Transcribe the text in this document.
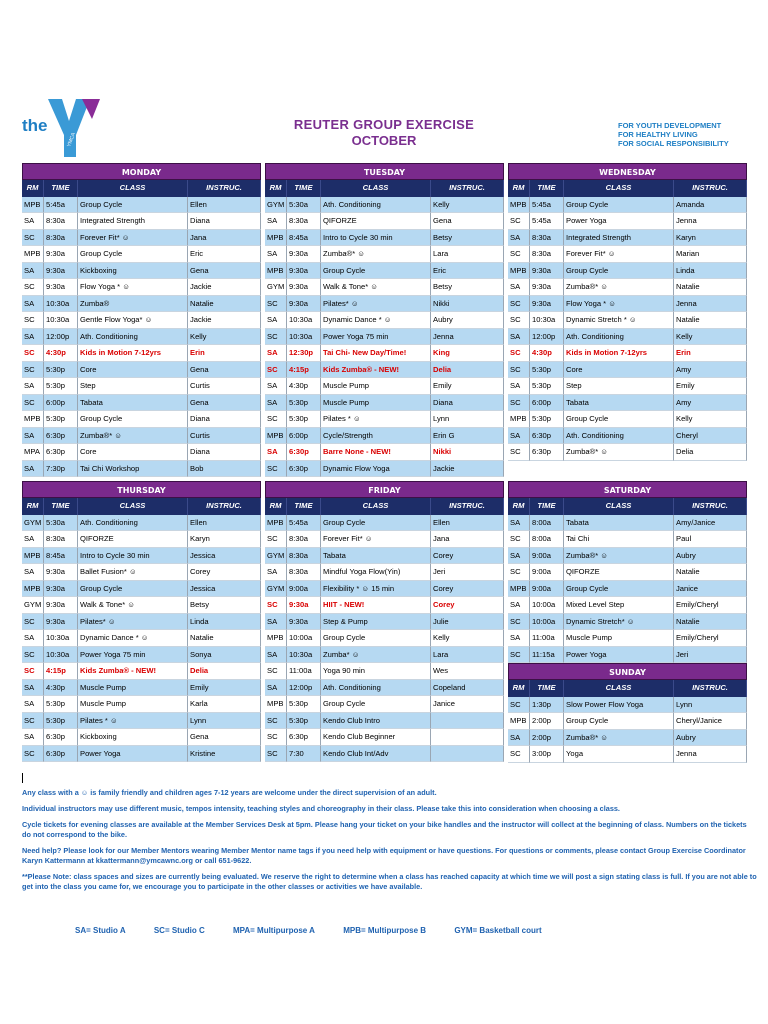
the
YMCA
REUTER GROUP EXERCISE
OCTOBER
FOR YOUTH DEVELOPMENT
FOR HEALTHY LIVING
FOR SOCIAL RESPONSIBILITY
MONDAY
RM	TIME	CLASS	INSTRUC.
MPB 5:45a	Group Cycle	Ellen
SA	8:30a	Integrated Strength	Diana
SC	8:30a	Forever Fit* ☺	Jana
MPB 9:30a	Group Cycle	Eric
SA	9:30a	Kickboxing	Gena
SC	9:30a	Flow Yoga * ☺	Jackie
SA	10:30a	Zumba®	Natalie
SC	10:30a	Gentle Flow Yoga* ☺	Jackie
SA	12:00p	Ath. Conditioning	Kelly
SC	4:30p	Kids in Motion 7-12yrs	Erin
SC	5:30p	Core	Gena
SA	5:30p	Step	Curtis
SC	6:00p	Tabata	Gena
MPB 5:30p	Group Cycle	Diana
SA	6:30p	Zumba®* ☺	Curtis
MPA 6:30p	Core	Diana
SA	7:30p	Tai Chi Workshop	Bob
TUESDAY
RM	TIME	CLASS	INSTRUC.
GYM 5:30a	Ath. Conditioning	Kelly
SA	8:30a	QIFORZE	Gena
MPB 8:45a	Intro to Cycle 30 min	Betsy
SA	9:30a	Zumba®* ☺	Lara
MPB 9:30a	Group Cycle	Eric
GYM 9:30a	Walk & Tone* ☺	Betsy
SC	9:30a	Pilates* ☺	Nikki
SA	10:30a	Dynamic Dance * ☺	Aubry
SC	10:30a	Power Yoga 75 min	Jenna
SA	12:30p	Tai Chi- New Day/Time!	King
SC	4:15p	Kids Zumba® - NEW!	Delia
SA	4:30p	Muscle Pump	Emily
SA	5:30p	Muscle Pump	Diana
SC	5:30p	Pilates * ☺	Lynn
MPB 6:00p	Cycle/Strength	Erin G
SA	6:30p	Barre None - NEW!	Nikki
SC	6:30p	Dynamic Flow Yoga	Jackie
WEDNESDAY
RM	TIME	CLASS	INSTRUC.
MPB 5:45a	Group Cycle	Amanda
SC	5:45a	Power Yoga	Jenna
SA	8:30a	Integrated Strength	Karyn
SC	8:30a	Forever Fit* ☺	Marian
MPB 9:30a	Group Cycle	Linda
SA	9:30a	Zumba®* ☺	Natalie
SC	9:30a	Flow Yoga * ☺	Jenna
SC	10:30a	Dynamic Stretch * ☺	Natalie
SA	12:00p	Ath. Conditioning	Kelly
SC	4:30p	Kids in Motion 7-12yrs	Erin
SC	5:30p	Core	Amy
SA	5:30p	Step	Emily
SC	6:00p	Tabata	Amy
MPB 5:30p	Group Cycle	Kelly
SA	6:30p	Ath. Conditioning	Cheryl
SC	6:30p	Zumba®* ☺	Delia
THURSDAY
RM	TIME	CLASS	INSTRUC.
GYM 5:30a	Ath. Conditioning	Ellen
SA	8:30a	QIFORZE	Karyn
MPB 8:45a	Intro to Cycle 30 min	Jessica
SA	9:30a	Ballet Fusion* ☺	Corey
MPB 9:30a	Group Cycle	Jessica
GYM 9:30a	Walk & Tone* ☺	Betsy
SC	9:30a	Pilates* ☺	Linda
SA	10:30a	Dynamic Dance * ☺	Natalie
SC	10:30a	Power Yoga 75 min	Sonya
SC	4:15p	Kids Zumba® - NEW!	Delia
SA	4:30p	Muscle Pump	Emily
SA	5:30p	Muscle Pump	Karla
SC	5:30p	Pilates * ☺	Lynn
SA	6:30p	Kickboxing	Gena
SC	6:30p	Power Yoga	Kristine
FRIDAY
RM	TIME	CLASS	INSTRUC.
MPB 5:45a	Group Cycle	Ellen
SC	8:30a	Forever Fit* ☺	Jana
GYM 8:30a	Tabata	Corey
SA	8:30a	Mindful Yoga Flow(Yin)	Jeri
GYM 9:00a	Flexibility * ☺ 15 min	Corey
SC	9:30a	HIIT - NEW!	Corey
SA	9:30a	Step & Pump	Julie
MPB 10:00a	Group Cycle	Kelly
SA	10:30a	Zumba* ☺	Lara
SC	11:00a	Yoga 90 min	Wes
SA	12:00p	Ath. Conditioning	Copeland
MPB 5:30p	Group Cycle	Janice
SC	5:30p	Kendo Club Intro
SC	6:30p	Kendo Club Beginner
SC	7:30	Kendo Club Int/Adv
SATURDAY
RM	TIME	CLASS	INSTRUC.
SA	8:00a	Tabata	Amy/Janice
SC	8:00a	Tai Chi	Paul
SA	9:00a	Zumba®* ☺	Aubry
SC	9:00a	QIFORZE	Natalie
MPB 9:00a	Group Cycle	Janice
SA	10:00a	Mixed Level Step	Emily/Cheryl
SC	10:00a	Dynamic Stretch* ☺	Natalie
SA	11:00a	Muscle Pump	Emily/Cheryl
SC	11:15a	Power Yoga	Jeri
SUNDAY
RM	TIME	CLASS	INSTRUC.
SC	1:30p	Slow Power Flow Yoga	Lynn
MPB 2:00p	Group Cycle	Cheryl/Janice
SA	2:00p	Zumba®* ☺	Aubry
SC	3:00p	Yoga	Jenna

Any class with a ☺ is family friendly and children ages 7-12 years are welcome under the direct supervision of an adult.

Individual instructors may use different music, tempos intensity, teaching styles and choreography in their class. Please take this into consideration when choosing a class.

Cycle tickets for evening classes are available at the Member Services Desk at 5pm. Please hang your ticket on your bike handles and the instructor will collect at the beginning of class. Numbers on the tickets do not correspond to the bike.

Need help? Please look for our Member Mentors wearing Member Mentor name tags if you need help with equipment or have questions. For questions or comments, please contact Group Exercise Coordinator Karyn Kattermann at kkattermann@ymcawnc.org or call 651-9622.

**Please Note: class spaces and sizes are currently being evaluated. We reserve the right to determine when a class has reached capacity at which time we will post a sign stating class is full. If you are not able to get into the class you came for, we encourage you to participate in the other classes or activities we have available.

SA= Studio A	SC= Studio C	MPA= Multipurpose A	MPB= Multipurpose B	GYM= Basketball court
